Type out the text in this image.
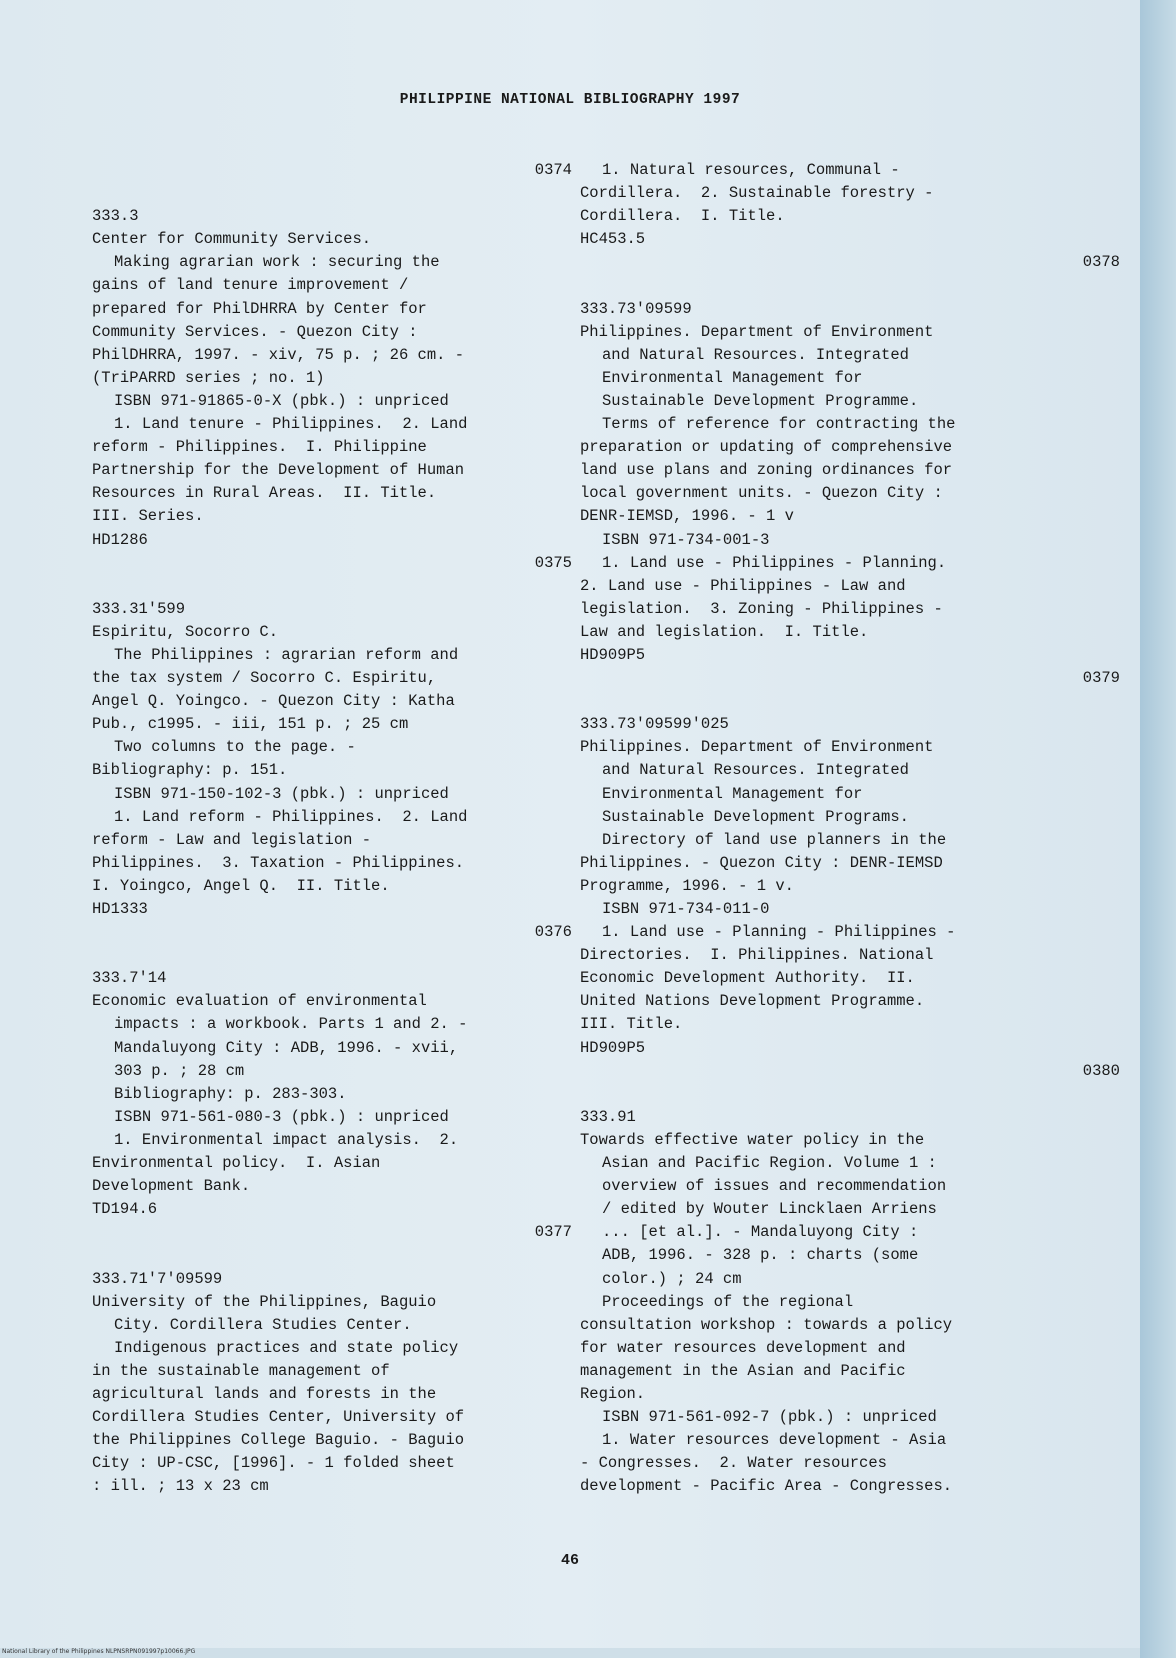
PHILIPPINE NATIONAL BIBLIOGRAPHY 1997
0374
333.3
Center for Community Services.
Making agrarian work : securing the
gains of land tenure improvement /
prepared for PhilDHRRA by Center for
Community Services. - Quezon City :
PhilDHRRA, 1997. - xiv, 75 p. ; 26 cm. -
(TriPARRD series ; no. 1)
ISBN 971-91865-0-X (pbk.) : unpriced
1. Land tenure - Philippines.  2. Land
reform - Philippines.  I. Philippine
Partnership for the Development of Human
Resources in Rural Areas.  II. Title.
III. Series.
HD1286
0375
333.31'599
Espiritu, Socorro C.
The Philippines : agrarian reform and
the tax system / Socorro C. Espiritu,
Angel Q. Yoingco. - Quezon City : Katha
Pub., c1995. - iii, 151 p. ; 25 cm
Two columns to the page. -
Bibliography: p. 151.
ISBN 971-150-102-3 (pbk.) : unpriced
1. Land reform - Philippines.  2. Land
reform - Law and legislation -
Philippines.  3. Taxation - Philippines.
I. Yoingco, Angel Q.  II. Title.
HD1333
0376
333.7'14
Economic evaluation of environmental
impacts : a workbook. Parts 1 and 2. -
Mandaluyong City : ADB, 1996. - xvii,
303 p. ; 28 cm
Bibliography: p. 283-303.
ISBN 971-561-080-3 (pbk.) : unpriced
1. Environmental impact analysis.  2.
Environmental policy.  I. Asian
Development Bank.
TD194.6
0377
333.71'7'09599
University of the Philippines, Baguio
City. Cordillera Studies Center.
Indigenous practices and state policy
in the sustainable management of
agricultural lands and forests in the
Cordillera Studies Center, University of
the Philippines College Baguio. - Baguio
City : UP-CSC, [1996]. - 1 folded sheet
: ill. ; 13 x 23 cm
1. Natural resources, Communal -
Cordillera.  2. Sustainable forestry -
Cordillera.  I. Title.
HC453.5
0378
333.73'09599
Philippines. Department of Environment
and Natural Resources. Integrated
Environmental Management for
Sustainable Development Programme.
Terms of reference for contracting the
preparation or updating of comprehensive
land use plans and zoning ordinances for
local government units. - Quezon City :
DENR-IEMSD, 1996. - 1 v
ISBN 971-734-001-3
1. Land use - Philippines - Planning.
2. Land use - Philippines - Law and
legislation.  3. Zoning - Philippines -
Law and legislation.  I. Title.
HD909P5
0379
333.73'09599'025
Philippines. Department of Environment
and Natural Resources. Integrated
Environmental Management for
Sustainable Development Programs.
Directory of land use planners in the
Philippines. - Quezon City : DENR-IEMSD
Programme, 1996. - 1 v.
ISBN 971-734-011-0
1. Land use - Planning - Philippines -
Directories.  I. Philippines. National
Economic Development Authority.  II.
United Nations Development Programme.
III. Title.
HD909P5
0380
333.91
Towards effective water policy in the
Asian and Pacific Region. Volume 1 :
overview of issues and recommendation
/ edited by Wouter Lincklaen Arriens
... [et al.]. - Mandaluyong City :
ADB, 1996. - 328 p. : charts (some
color.) ; 24 cm
Proceedings of the regional
consultation workshop : towards a policy
for water resources development and
management in the Asian and Pacific
Region.
ISBN 971-561-092-7 (pbk.) : unpriced
1. Water resources development - Asia
- Congresses.  2. Water resources
development - Pacific Area - Congresses.
46
National Library of the Philippines NLPNSRPN091997p10066.JPG
